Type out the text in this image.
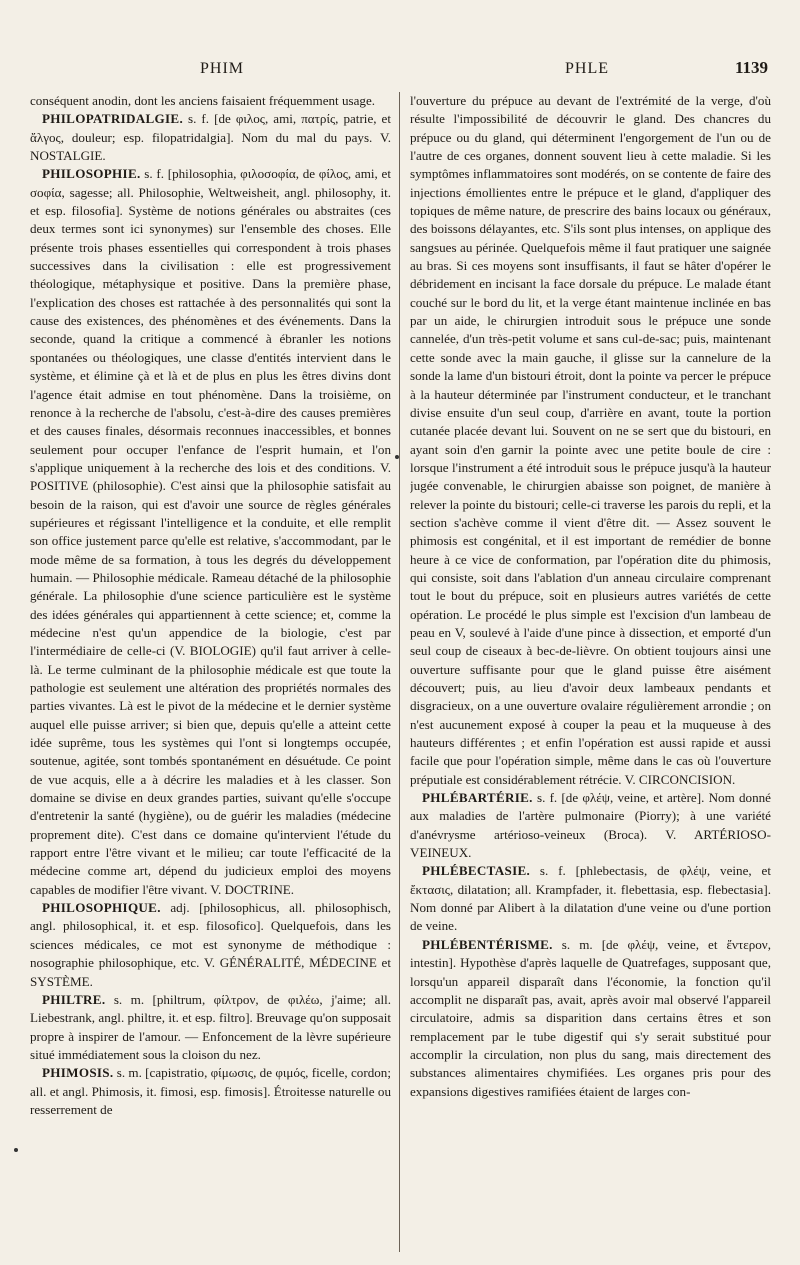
PHIM	PHLE	1139

conséquent anodin, dont les anciens faisaient fréquemment usage.

PHILOPATRIDALGIE. s. f. [de φιλος, ami, πατρίς, patrie, et ἄλγος, douleur; esp. filopatridalgia]. Nom du mal du pays. V. NOSTALGIE.

PHILOSOPHIE. s. f. [philosophia, φιλοσοφία, de φίλος, ami, et σοφία, sagesse; all. Philosophie, Weltweisheit, angl. philosophy, it. et esp. filosofia]. Système de notions générales ou abstraites (ces deux termes sont ici synonymes) sur l'ensemble des choses. Elle présente trois phases essentielles qui correspondent à trois phases successives dans la civilisation : elle est progressivement théologique, métaphysique et positive. Dans la première phase, l'explication des choses est rattachée à des personnalités qui sont la cause des existences, des phénomènes et des événements. Dans la seconde, quand la critique a commencé à ébranler les notions spontanées ou théologiques, une classe d'entités intervient dans le système, et élimine çà et là et de plus en plus les êtres divins dont l'agence était admise en tout phénomène. Dans la troisième, on renonce à la recherche de l'absolu, c'est-à-dire des causes premières et des causes finales, désormais reconnues inaccessibles, et bonnes seulement pour occuper l'enfance de l'esprit humain, et l'on s'applique uniquement à la recherche des lois et des conditions. V. POSITIVE (philosophie). C'est ainsi que la philosophie satisfait au besoin de la raison, qui est d'avoir une source de règles générales supérieures et régissant l'intelligence et la conduite, et elle remplit son office justement parce qu'elle est relative, s'accommodant, par le mode même de sa formation, à tous les degrés du développement humain. — Philosophie médicale. Rameau détaché de la philosophie générale. La philosophie d'une science particulière est le système des idées générales qui appartiennent à cette science; et, comme la médecine n'est qu'un appendice de la biologie, c'est par l'intermédiaire de celle-ci (V. BIOLOGIE) qu'il faut arriver à celle-là. Le terme culminant de la philosophie médicale est que toute la pathologie est seulement une altération des propriétés normales des parties vivantes. Là est le pivot de la médecine et le dernier système auquel elle puisse arriver; si bien que, depuis qu'elle a atteint cette idée suprême, tous les systèmes qui l'ont si longtemps occupée, soutenue, agitée, sont tombés spontanément en désuétude. Ce point de vue acquis, elle a à décrire les maladies et à les classer. Son domaine se divise en deux grandes parties, suivant qu'elle s'occupe d'entretenir la santé (hygiène), ou de guérir les maladies (médecine proprement dite). C'est dans ce domaine qu'intervient l'étude du rapport entre l'être vivant et le milieu; car toute l'efficacité de la médecine comme art, dépend du judicieux emploi des moyens capables de modifier l'être vivant. V. DOCTRINE.

PHILOSOPHIQUE. adj. [philosophicus, all. philosophisch, angl. philosophical, it. et esp. filosofico]. Quelquefois, dans les sciences médicales, ce mot est synonyme de méthodique : nosographie philosophique, etc. V. GÉNÉRALITÉ, MÉDECINE et SYSTÈME.

PHILTRE. s. m. [philtrum, φίλτρον, de φιλέω, j'aime; all. Liebestrank, angl. philtre, it. et esp. filtro]. Breuvage qu'on supposait propre à inspirer de l'amour. — Enfoncement de la lèvre supérieure situé immédiatement sous la cloison du nez.

PHIMOSIS. s. m. [capistratio, φίμωσις, de φιμός, ficelle, cordon; all. et angl. Phimosis, it. fimosi, esp. fimosis]. Étroitesse naturelle ou resserrement de

l'ouverture du prépuce au devant de l'extrémité de la verge, d'où résulte l'impossibilité de découvrir le gland. Des chancres du prépuce ou du gland, qui déterminent l'engorgement de l'un ou de l'autre de ces organes, donnent souvent lieu à cette maladie. Si les symptômes inflammatoires sont modérés, on se contente de faire des injections émollientes entre le prépuce et le gland, d'appliquer des topiques de même nature, de prescrire des bains locaux ou généraux, des boissons délayantes, etc. S'ils sont plus intenses, on applique des sangsues au périnée. Quelquefois même il faut pratiquer une saignée au bras. Si ces moyens sont insuffisants, il faut se hâter d'opérer le débridement en incisant la face dorsale du prépuce. Le malade étant couché sur le bord du lit, et la verge étant maintenue inclinée en bas par un aide, le chirurgien introduit sous le prépuce une sonde cannelée, d'un très-petit volume et sans cul-de-sac; puis, maintenant cette sonde avec la main gauche, il glisse sur la cannelure de la sonde la lame d'un bistouri étroit, dont la pointe va percer le prépuce à la hauteur déterminée par l'instrument conducteur, et le tranchant divise ensuite d'un seul coup, d'arrière en avant, toute la portion cutanée placée devant lui. Souvent on ne se sert que du bistouri, en ayant soin d'en garnir la pointe avec une petite boule de cire : lorsque l'instrument a été introduit sous le prépuce jusqu'à la hauteur jugée convenable, le chirurgien abaisse son poignet, de manière à relever la pointe du bistouri; celle-ci traverse les parois du repli, et la section s'achève comme il vient d'être dit. — Assez souvent le phimosis est congénital, et il est important de remédier de bonne heure à ce vice de conformation, par l'opération dite du phimosis, qui consiste, soit dans l'ablation d'un anneau circulaire comprenant tout le bout du prépuce, soit en plusieurs autres variétés de cette opération. Le procédé le plus simple est l'excision d'un lambeau de peau en V, soulevé à l'aide d'une pince à dissection, et emporté d'un seul coup de ciseaux à bec-de-lièvre. On obtient toujours ainsi une ouverture suffisante pour que le gland puisse être aisément découvert; puis, au lieu d'avoir deux lambeaux pendants et disgracieux, on a une ouverture ovalaire régulièrement arrondie ; on n'est aucunement exposé à couper la peau et la muqueuse à des hauteurs différentes ; et enfin l'opération est aussi rapide et aussi facile que pour l'opération simple, même dans le cas où l'ouverture préputiale est considérablement rétrécie. V. CIRCONCISION.

PHLÉBARTÉRIE. s. f. [de φλέψ, veine, et artère]. Nom donné aux maladies de l'artère pulmonaire (Piorry); à une variété d'anévrysme artérioso-veineux (Broca). V. ARTÉRIOSO-VEINEUX.

PHLÉBECTASIE. s. f. [phlebectasis, de φλέψ, veine, et ἔκτασις, dilatation; all. Krampfader, it. flebettasia, esp. flebectasia]. Nom donné par Alibert à la dilatation d'une veine ou d'une portion de veine.

PHLÉBENTÉRISME. s. m. [de φλέψ, veine, et ἔντερον, intestin]. Hypothèse d'après laquelle de Quatrefages, supposant que, lorsqu'un appareil disparaît dans l'économie, la fonction qu'il accomplit ne disparaît pas, avait, après avoir mal observé l'appareil circulatoire, admis sa disparition dans certains êtres et son remplacement par le tube digestif qui s'y serait substitué pour accomplir la circulation, non plus du sang, mais directement des substances alimentaires chymifiées. Les organes pris pour des expansions digestives ramifiées étaient de larges con-
